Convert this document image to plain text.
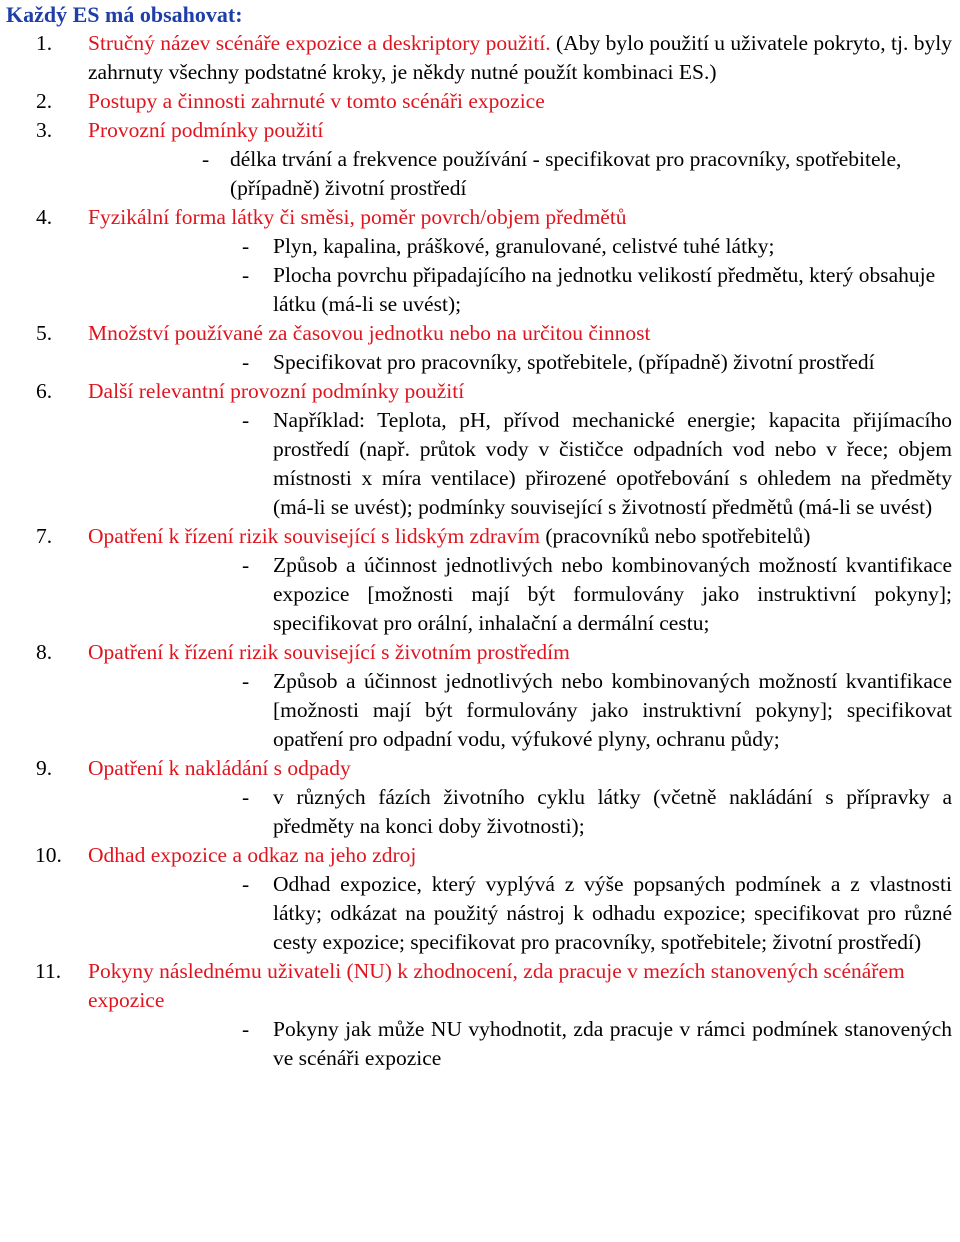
Každý ES má obsahovat:
1. Stručný název scénáře expozice a deskriptory použití. (Aby bylo použití u uživatele pokryto, tj. byly zahrnuty všechny podstatné kroky, je někdy nutné použít kombinaci ES.)
2. Postupy a činnosti zahrnuté v tomto scénáři expozice
3. Provozní podmínky použití
- délka trvání a frekvence používání - specifikovat pro pracovníky, spotřebitele, (případně) životní prostředí
4. Fyzikální forma látky či směsi, poměr povrch/objem předmětů
- Plyn, kapalina, práškové, granulované, celistvé tuhé látky;
- Plocha povrchu připadajícího na jednotku velikostí předmětu, který obsahuje látku (má-li se uvést);
5. Množství používané za časovou jednotku nebo na určitou činnost
- Specifikovat pro pracovníky, spotřebitele, (případně) životní prostředí
6. Další relevantní provozní podmínky použití
- Například: Teplota, pH, přívod mechanické energie; kapacita přijímacího prostředí (např. průtok vody v čističce odpadních vod nebo v řece; objem místnosti x míra ventilace) přirozené opotřebování s ohledem na předměty (má-li se uvést); podmínky související s životností předmětů (má-li se uvést)
7. Opatření k řízení rizik související s lidským zdravím (pracovníků nebo spotřebitelů)
- Způsob a účinnost jednotlivých nebo kombinovaných možností kvantifikace expozice [možnosti mají být formulovány jako instruktivní pokyny]; specifikovat pro orální, inhalační a dermální cestu;
8. Opatření k řízení rizik související s životním prostředím
- Způsob a účinnost jednotlivých nebo kombinovaných možností kvantifikace [možnosti mají být formulovány jako instruktivní pokyny]; specifikovat opatření pro odpadní vodu, výfukové plyny, ochranu půdy;
9. Opatření k nakládání s odpady
- v různých fázích životního cyklu látky (včetně nakládání s přípravky a předměty na konci doby životnosti);
10. Odhad expozice a odkaz na jeho zdroj
- Odhad expozice, který vyplývá z výše popsaných podmínek a z vlastnosti látky; odkázat na použitý nástroj k odhadu expozice; specifikovat pro různé cesty expozice; specifikovat pro pracovníky, spotřebitele; životní prostředí)
11. Pokyny následnému uživateli (NU) k zhodnocení, zda pracuje v mezích stanovených scénářem expozice
- Pokyny jak může NU vyhodnotit, zda pracuje v rámci podmínek stanovených ve scénáři expozice
